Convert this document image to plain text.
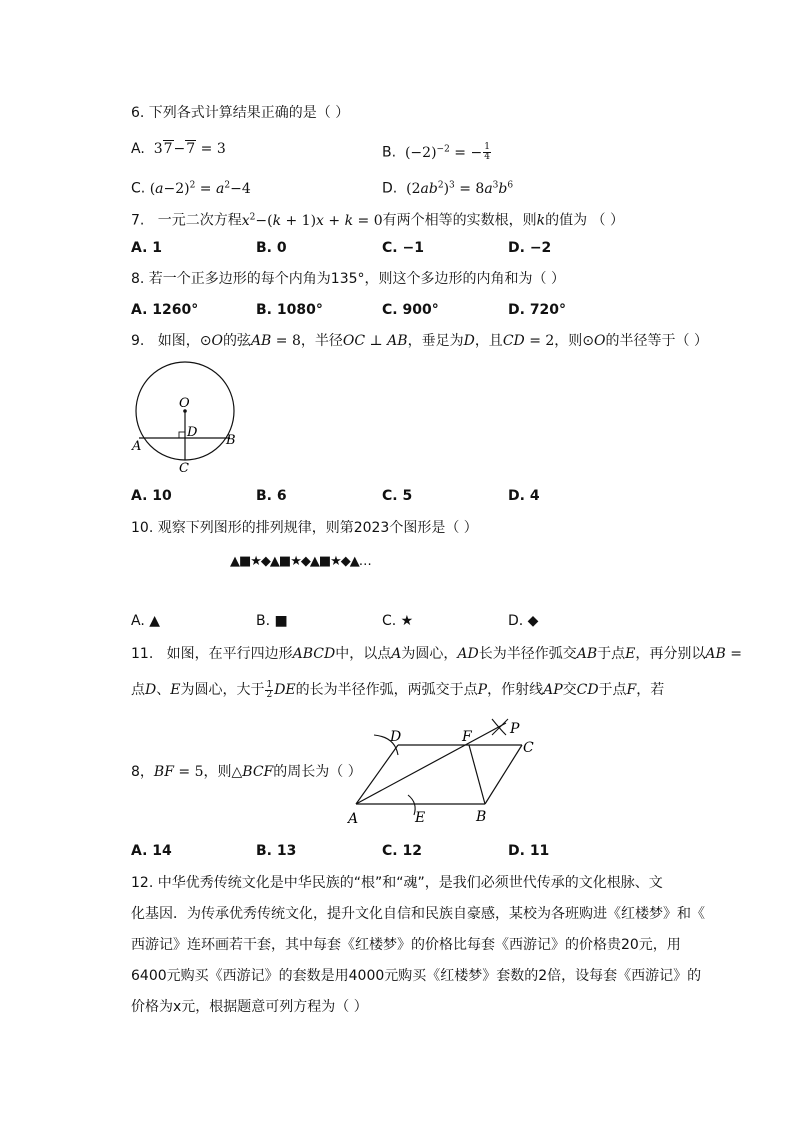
6. 下列各式计算结果正确的是（ ）
A. 37−7 = 3	B. $(-2)^{-2}$ = − $\frac{1}{4}$
C. $(a-2)^2 = a^2-4$	D. $(2ab^2)^3 = 8a^3b^6$
7. 一元二次方程$x^2-(k + 1)x + k = 0$有两个相等的实数根，则k的值为 （ ）
A. 1	B. 0	C. −1	D. −2
8. 若一个正多边形的每个内角为135°，则这个多边形的内角和为（ ）
A. 1260°	B. 1080°	C. 900°	D. 720°
9. 如图，⊙O的弦AB = 8，半径OC ⊥ AB，垂足为D，且CD = 2，则⊙O的半径等于（ ）
O
D
A	B
C
A. 10	B. 6	C. 5	D. 4
10. 观察下列图形的排列规律，则第2023个图形是（ ）
▲■★◆▲■★◆▲■★◆▲…
A. ▲	B. ■	C. ★	D. ◆
11. 如图，在平行四边形ABCD中，以点A为圆心，AD长为半径作弧交AB于点E，再分别以AB =
点D、E为圆心，大于 $\frac{1}{2}$ DE的长为半径作弧，两弧交于点P，作射线AP交CD于点F，若
8，BF = 5，则△BCF的周长为（ ）
A	E	B
D	F	P
C
A. 14	B. 13	C. 12	D. 11
12. 中华优秀传统文化是中华民族的“根”和“魂”，是我们必须世代传承的文化根脉、文
化基因．为传承优秀传统文化，提升文化自信和民族自豪感，某校为各班购进《红楼梦》和《
西游记》连环画若干套，其中每套《红楼梦》的价格比每套《西游记》的价格贵20元，用
6400元购买《西游记》的套数是用4000元购买《红楼梦》套数的2倍，设每套《西游记》的
价格为x元，根据题意可列方程为（ ）
